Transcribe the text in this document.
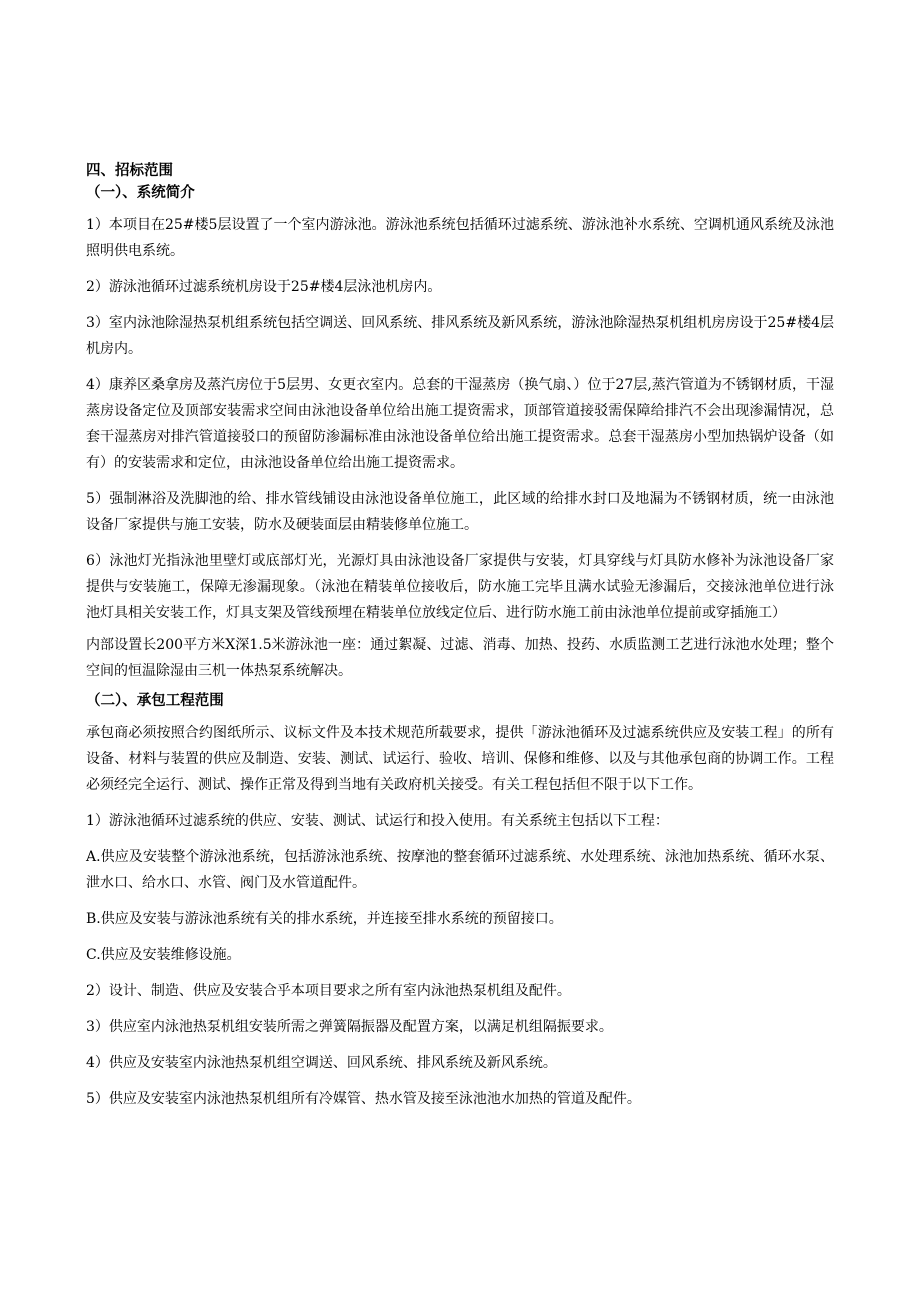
四、招标范围
（一）、系统简介

1）本项目在25#楼5层设置了一个室内游泳池。游泳池系统包括循环过滤系统、游泳池补水系统、空调机通风系统及泳池照明供电系统。

2）游泳池循环过滤系统机房设于25#楼4层泳池机房内。

3）室内泳池除湿热泵机组系统包括空调送、回风系统、排风系统及新风系统，游泳池除湿热泵机组机房房设于25#楼4层机房内。

4）康养区桑拿房及蒸汽房位于5层男、女更衣室内。总套的干湿蒸房（换气扇、）位于27层,蒸汽管道为不锈钢材质，干湿蒸房设备定位及顶部安装需求空间由泳池设备单位给出施工提资需求，顶部管道接驳需保障给排汽不会出现渗漏情况，总套干湿蒸房对排汽管道接驳口的预留防渗漏标准由泳池设备单位给出施工提资需求。总套干湿蒸房小型加热锅炉设备（如有）的安装需求和定位，由泳池设备单位给出施工提资需求。

5）强制淋浴及洗脚池的给、排水管线铺设由泳池设备单位施工，此区域的给排水封口及地漏为不锈钢材质，统一由泳池设备厂家提供与施工安装，防水及硬装面层由精装修单位施工。

6）泳池灯光指泳池里壁灯或底部灯光，光源灯具由泳池设备厂家提供与安装，灯具穿线与灯具防水修补为泳池设备厂家提供与安装施工，保障无渗漏现象。（泳池在精装单位接收后，防水施工完毕且满水试验无渗漏后，交接泳池单位进行泳池灯具相关安装工作，灯具支架及管线预埋在精装单位放线定位后、进行防水施工前由泳池单位提前或穿插施工）

内部设置长200平方米X深1.5米游泳池一座：通过絮凝、过滤、消毒、加热、投药、水质监测工艺进行泳池水处理；整个空间的恒温除湿由三机一体热泵系统解决。

（二）、承包工程范围

承包商必须按照合约图纸所示、议标文件及本技术规范所载要求，提供「游泳池循环及过滤系统供应及安装工程」的所有设备、材料与装置的供应及制造、安装、测试、试运行、验收、培训、保修和维修、以及与其他承包商的协调工作。工程必须经完全运行、测试、操作正常及得到当地有关政府机关接受。有关工程包括但不限于以下工作。

1）游泳池循环过滤系统的供应、安装、测试、试运行和投入使用。有关系统主包括以下工程：

A.供应及安装整个游泳池系统，包括游泳池系统、按摩池的整套循环过滤系统、水处理系统、泳池加热系统、循环水泵、泄水口、给水口、水管、阀门及水管道配件。

B.供应及安装与游泳池系统有关的排水系统，并连接至排水系统的预留接口。

C.供应及安装维修设施。

2）设计、制造、供应及安装合乎本项目要求之所有室内泳池热泵机组及配件。

3）供应室内泳池热泵机组安装所需之弹簧隔振器及配置方案，以满足机组隔振要求。

4）供应及安装室内泳池热泵机组空调送、回风系统、排风系统及新风系统。

5）供应及安装室内泳池热泵机组所有冷媒管、热水管及接至泳池池水加热的管道及配件。
